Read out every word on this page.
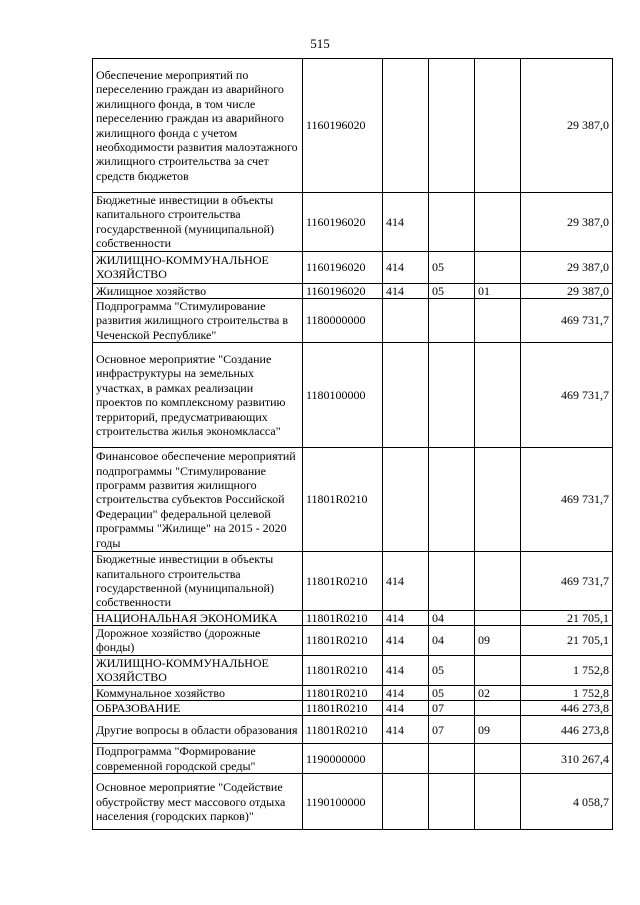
515
Обеспечение мероприятий по переселению граждан из аварийного жилищного фонда, в том числе переселению граждан из аварийного жилищного фонда с учетом необходимости развития малоэтажного жилищного строительства за счет средств бюджетов	1160196020				29 387,0
Бюджетные инвестиции в объекты капитального строительства государственной (муниципальной) собственности	1160196020	414			29 387,0
ЖИЛИЩНО-КОММУНАЛЬНОЕ ХОЗЯЙСТВО	1160196020	414	05		29 387,0
Жилищное хозяйство	1160196020	414	05	01	29 387,0
Подпрограмма "Стимулирование развития жилищного строительства в Чеченской Республике"	1180000000				469 731,7
Основное мероприятие "Создание инфраструктуры на земельных участках, в рамках реализации проектов по комплексному развитию территорий, предусматривающих строительства жилья экономкласса"	1180100000				469 731,7
Финансовое обеспечение мероприятий подпрограммы "Стимулирование программ развития жилищного строительства субъектов Российской Федерации" федеральной целевой программы "Жилище" на 2015 - 2020 годы	11801R0210				469 731,7
Бюджетные инвестиции в объекты капитального строительства государственной (муниципальной) собственности	11801R0210	414			469 731,7
НАЦИОНАЛЬНАЯ ЭКОНОМИКА	11801R0210	414	04		21 705,1
Дорожное хозяйство (дорожные фонды)	11801R0210	414	04	09	21 705,1
ЖИЛИЩНО-КОММУНАЛЬНОЕ ХОЗЯЙСТВО	11801R0210	414	05		1 752,8
Коммунальное хозяйство	11801R0210	414	05	02	1 752,8
ОБРАЗОВАНИЕ	11801R0210	414	07		446 273,8
Другие вопросы в области образования	11801R0210	414	07	09	446 273,8
Подпрограмма "Формирование современной городской среды"	1190000000				310 267,4
Основное мероприятие "Содействие обустройству мест массового отдыха населения (городских парков)"	1190100000				4 058,7
